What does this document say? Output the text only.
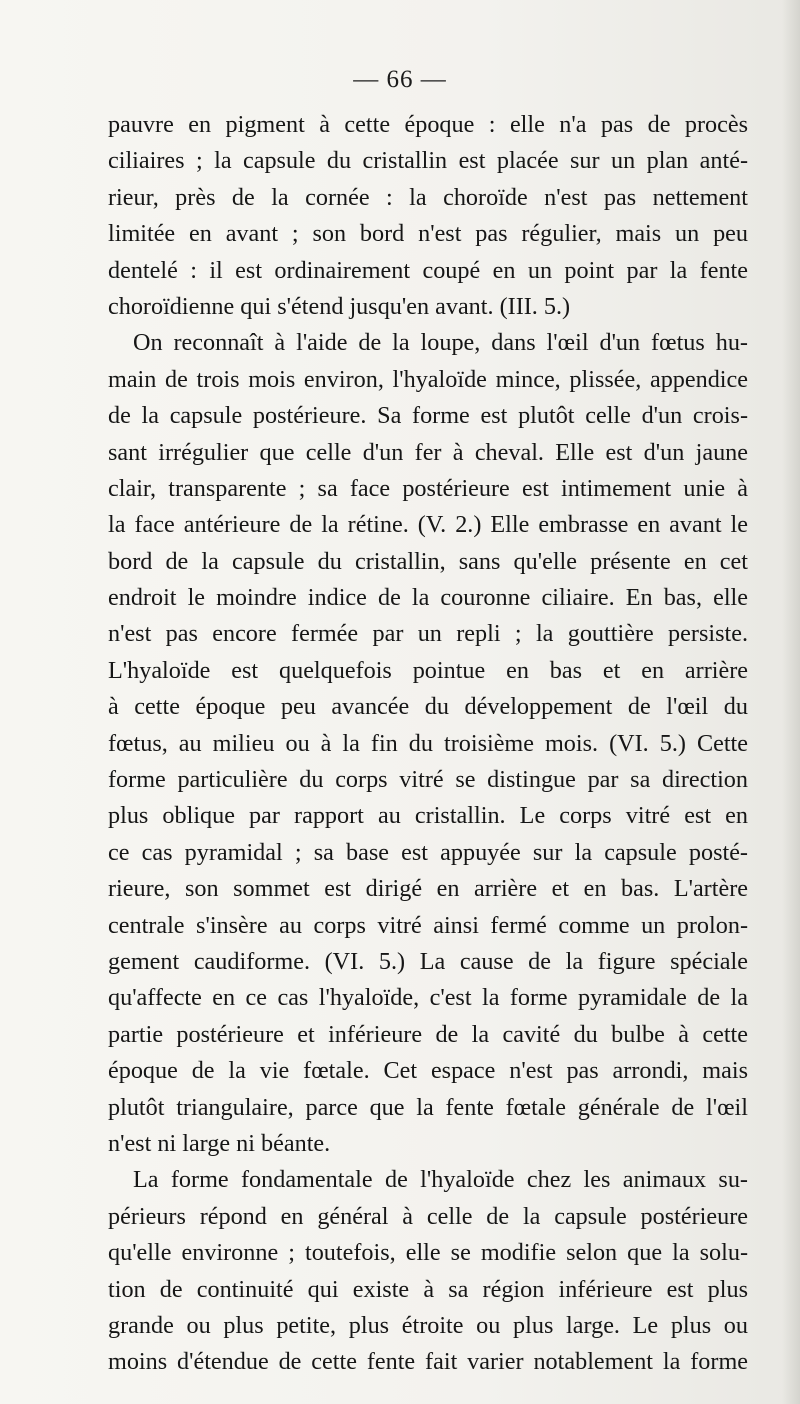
— 66 —
pauvre en pigment à cette époque : elle n'a pas de procès
ciliaires ; la capsule du cristallin est placée sur un plan anté-
rieur, près de la cornée : la choroïde n'est pas nettement
limitée en avant ; son bord n'est pas régulier, mais un peu
dentelé : il est ordinairement coupé en un point par la fente
choroïdienne qui s'étend jusqu'en avant. (III. 5.)
On reconnaît à l'aide de la loupe, dans l'œil d'un fœtus hu-
main de trois mois environ, l'hyaloïde mince, plissée, appendice
de la capsule postérieure. Sa forme est plutôt celle d'un crois-
sant irrégulier que celle d'un fer à cheval. Elle est d'un jaune
clair, transparente ; sa face postérieure est intimement unie à
la face antérieure de la rétine. (V. 2.) Elle embrasse en avant le
bord de la capsule du cristallin, sans qu'elle présente en cet
endroit le moindre indice de la couronne ciliaire. En bas, elle
n'est pas encore fermée par un repli ; la gouttière persiste.
L'hyaloïde est quelquefois pointue en bas et en arrière
à cette époque peu avancée du développement de l'œil du
fœtus, au milieu ou à la fin du troisième mois. (VI. 5.) Cette
forme particulière du corps vitré se distingue par sa direction
plus oblique par rapport au cristallin. Le corps vitré est en
ce cas pyramidal ; sa base est appuyée sur la capsule posté-
rieure, son sommet est dirigé en arrière et en bas. L'artère
centrale s'insère au corps vitré ainsi fermé comme un prolon-
gement caudiforme. (VI. 5.) La cause de la figure spéciale
qu'affecte en ce cas l'hyaloïde, c'est la forme pyramidale de la
partie postérieure et inférieure de la cavité du bulbe à cette
époque de la vie fœtale. Cet espace n'est pas arrondi, mais
plutôt triangulaire, parce que la fente fœtale générale de l'œil
n'est ni large ni béante.
La forme fondamentale de l'hyaloïde chez les animaux su-
périeurs répond en général à celle de la capsule postérieure
qu'elle environne ; toutefois, elle se modifie selon que la solu-
tion de continuité qui existe à sa région inférieure est plus
grande ou plus petite, plus étroite ou plus large. Le plus ou
moins d'étendue de cette fente fait varier notablement la forme
